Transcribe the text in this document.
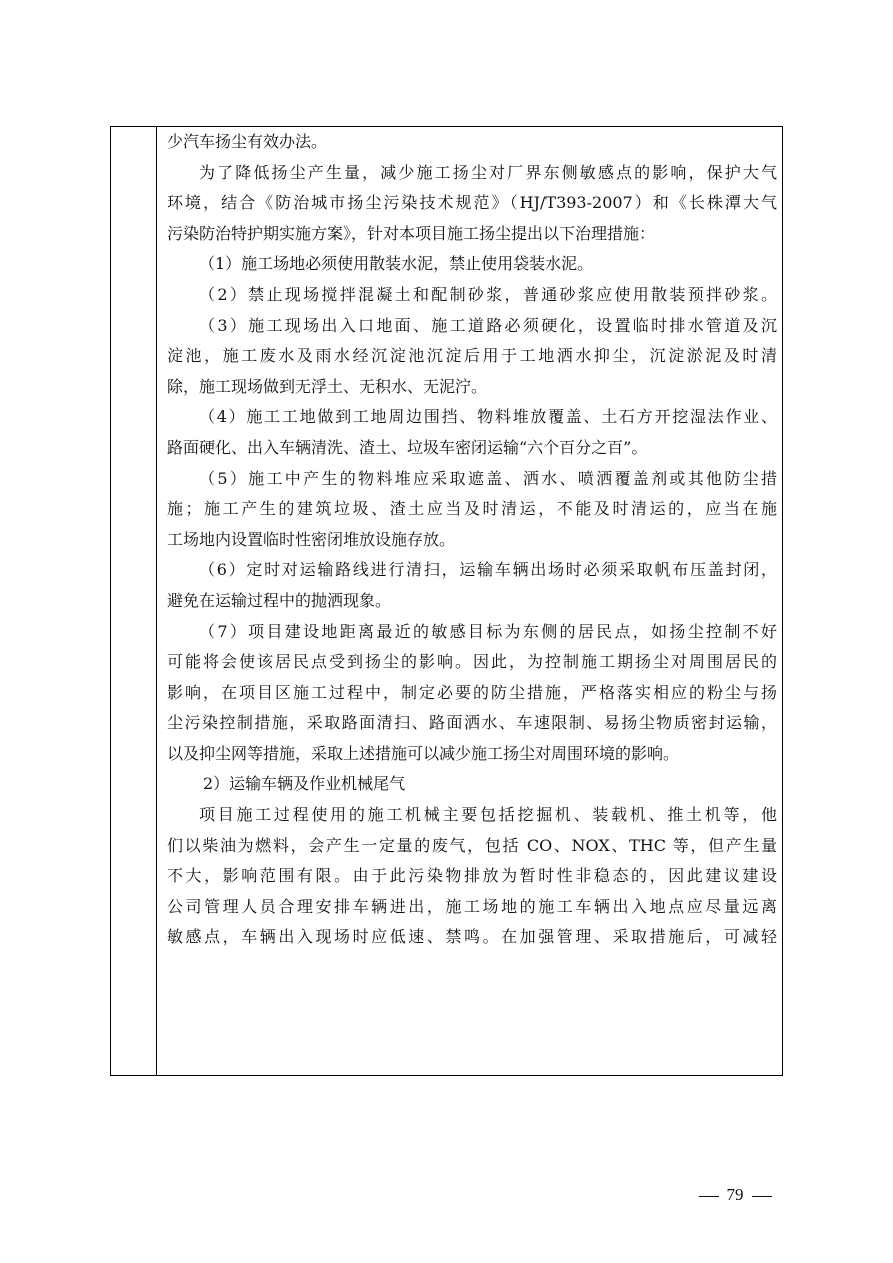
少汽车扬尘有效办法。
为了降低扬尘产生量，减少施工扬尘对厂界东侧敏感点的影响，保护大气
环境，结合《防治城市扬尘污染技术规范》（HJ/T393-2007）和《长株潭大气
污染防治特护期实施方案》，针对本项目施工扬尘提出以下治理措施：
（1）施工场地必须使用散装水泥，禁止使用袋装水泥。
（2）禁止现场搅拌混凝土和配制砂浆，普通砂浆应使用散装预拌砂浆。
（3）施工现场出入口地面、施工道路必须硬化，设置临时排水管道及沉
淀池，施工废水及雨水经沉淀池沉淀后用于工地洒水抑尘，沉淀淤泥及时清
除，施工现场做到无浮土、无积水、无泥泞。
（4）施工工地做到工地周边围挡、物料堆放覆盖、土石方开挖湿法作业、
路面硬化、出入车辆清洗、渣土、垃圾车密闭运输“六个百分之百”。
（5）施工中产生的物料堆应采取遮盖、洒水、喷洒覆盖剂或其他防尘措
施；施工产生的建筑垃圾、渣土应当及时清运，不能及时清运的，应当在施
工场地内设置临时性密闭堆放设施存放。
（6）定时对运输路线进行清扫，运输车辆出场时必须采取帆布压盖封闭，
避免在运输过程中的抛洒现象。
（7）项目建设地距离最近的敏感目标为东侧的居民点，如扬尘控制不好
可能将会使该居民点受到扬尘的影响。因此，为控制施工期扬尘对周围居民的
影响，在项目区施工过程中，制定必要的防尘措施，严格落实相应的粉尘与扬
尘污染控制措施，采取路面清扫、路面洒水、车速限制、易扬尘物质密封运输，
以及抑尘网等措施，采取上述措施可以减少施工扬尘对周围环境的影响。
2）运输车辆及作业机械尾气
项目施工过程使用的施工机械主要包括挖掘机、装载机、推土机等，他
们以柴油为燃料，会产生一定量的废气，包括 CO、NOX、THC 等，但产生量
不大，影响范围有限。由于此污染物排放为暂时性非稳态的，因此建议建设
公司管理人员合理安排车辆进出，施工场地的施工车辆出入地点应尽量远离
敏感点，车辆出入现场时应低速、禁鸣。在加强管理、采取措施后，可减轻
79
